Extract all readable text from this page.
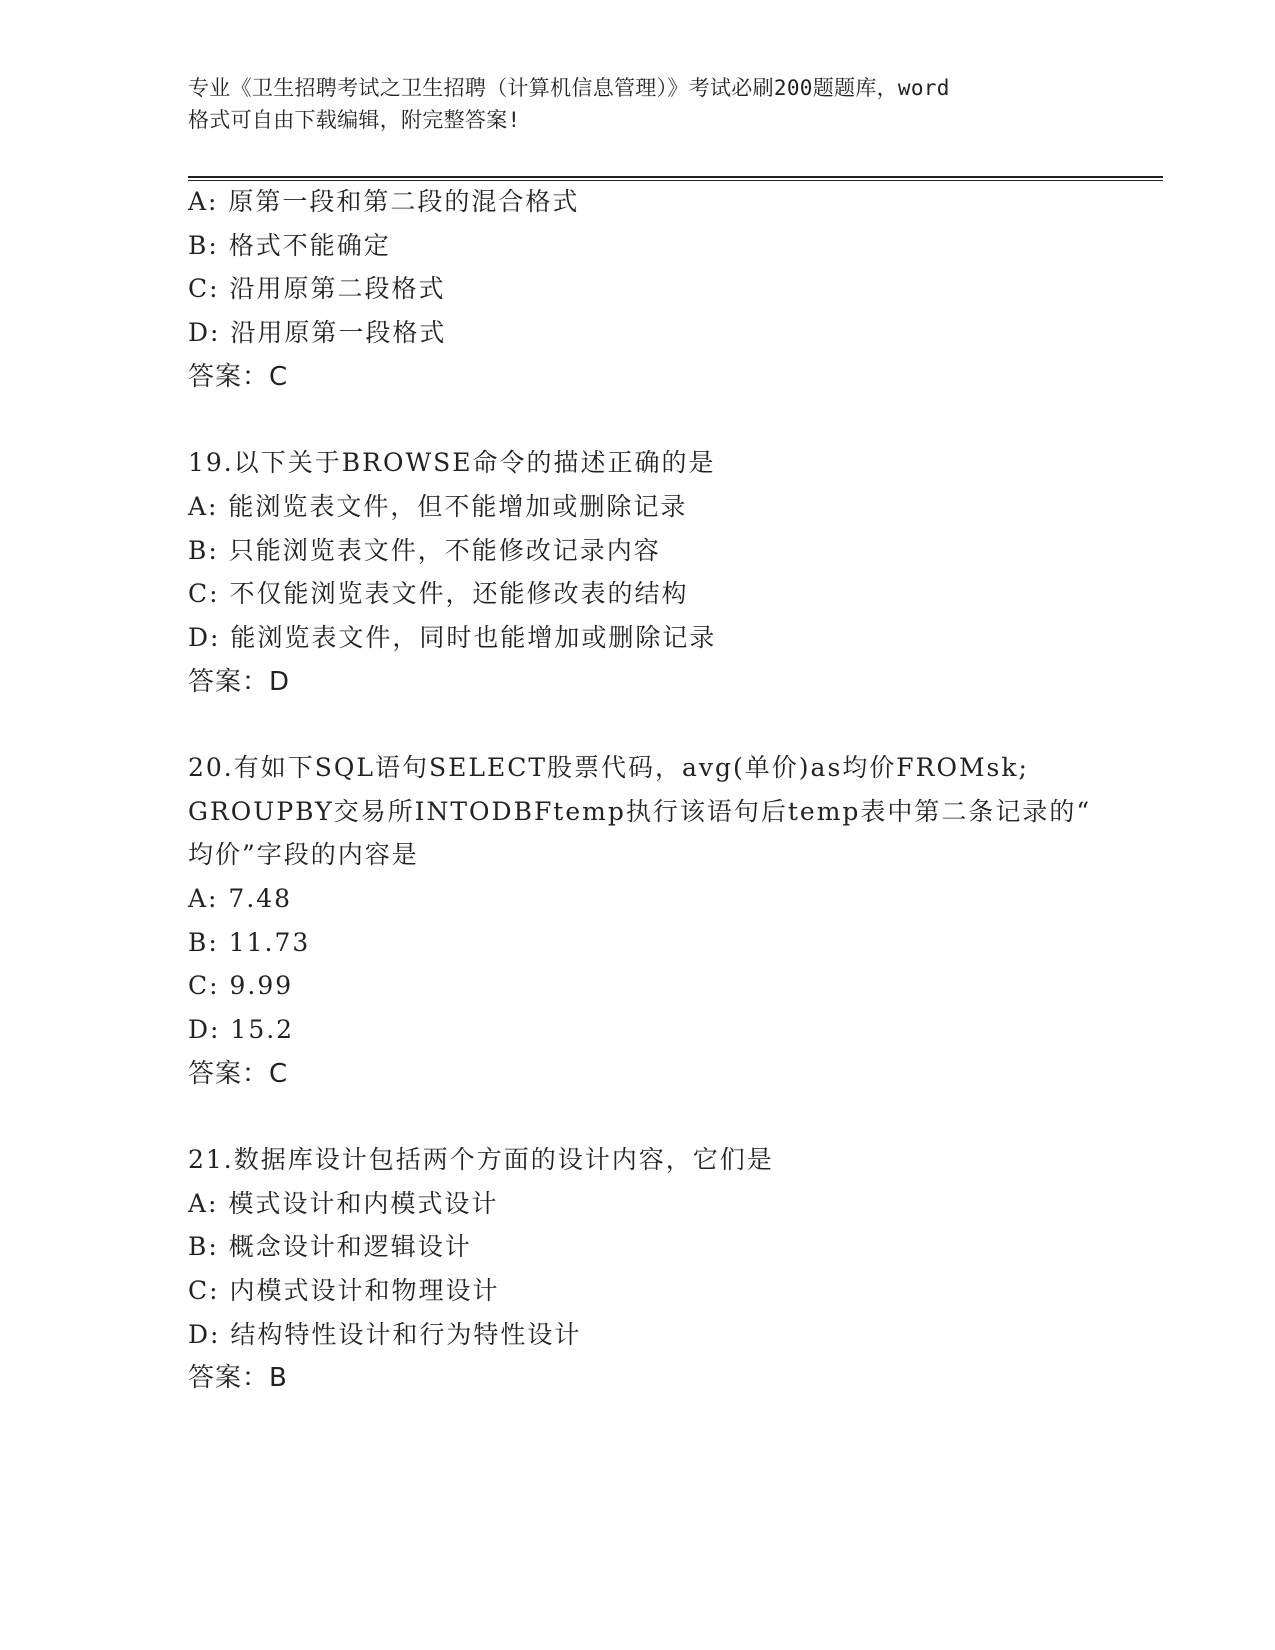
专业《卫生招聘考试之卫生招聘（计算机信息管理）》考试必刷200题题库，word
格式可自由下载编辑，附完整答案!
A: 原第一段和第二段的混合格式
B: 格式不能确定
C: 沿用原第二段格式
D: 沿用原第一段格式
答案：C
19.以下关于BROWSE命令的描述正确的是
A: 能浏览表文件，但不能增加或删除记录
B: 只能浏览表文件，不能修改记录内容
C: 不仅能浏览表文件，还能修改表的结构
D: 能浏览表文件，同时也能增加或删除记录
答案：D
20.有如下SQL语句SELECT股票代码，avg(单价)as均价FROMsk;
GROUPBY交易所INTODBFtemp执行该语句后temp表中第二条记录的“
均价”字段的内容是
A: 7.48
B: 11.73
C: 9.99
D: 15.2
答案：C
21.数据库设计包括两个方面的设计内容，它们是
A: 模式设计和内模式设计
B: 概念设计和逻辑设计
C: 内模式设计和物理设计
D: 结构特性设计和行为特性设计
答案：B
